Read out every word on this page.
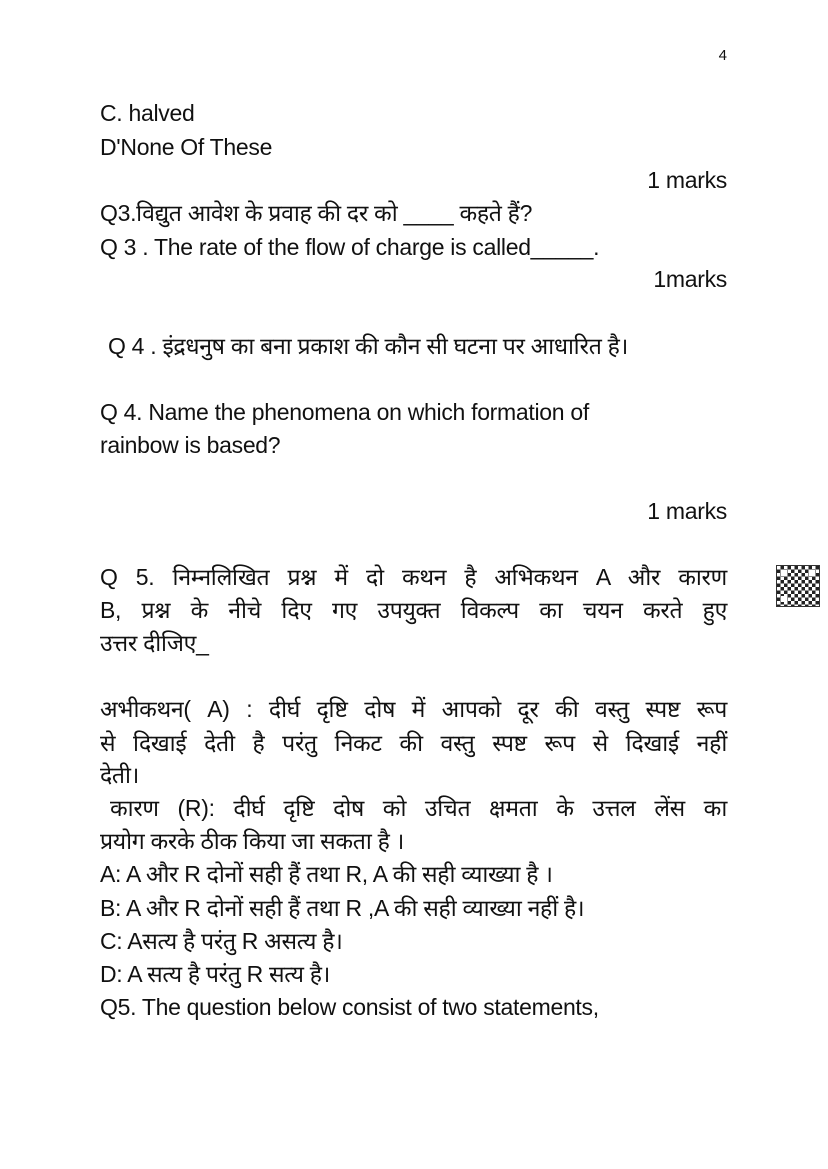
4
C. halved
D'None Of These
1 marks
Q3.विद्युत आवेश के प्रवाह की दर को ____ कहते हैं?
Q 3 . The rate of the flow of charge is called_____.
1marks
Q 4 . इंद्रधनुष का बना प्रकाश की कौन सी घटना पर आधारित है।
Q 4. Name the phenomena on which formation of
rainbow is based?
1 marks
Q 5. निम्नलिखित प्रश्न में दो कथन है अभिकथन A और कारण
B, प्रश्न के नीचे दिए गए उपयुक्त विकल्प का चयन करते हुए
उत्तर दीजिए_
अभीकथन( A) : दीर्घ दृष्टि दोष में आपको दूर की वस्तु स्पष्ट रूप
से दिखाई देती है परंतु निकट की वस्तु स्पष्ट रूप से दिखाई नहीं
देती।
कारण (R): दीर्घ दृष्टि दोष को उचित क्षमता के उत्तल लेंस का
प्रयोग करके ठीक किया जा सकता है ।
A: A और R दोनों सही हैं तथा R, A की सही व्याख्या है ।
B: A और R दोनों सही हैं तथा R ,A की सही व्याख्या नहीं है।
C: Aसत्य है परंतु R असत्य है।
D: A सत्य है परंतु R सत्य है।
Q5. The question below consist of two statements,
